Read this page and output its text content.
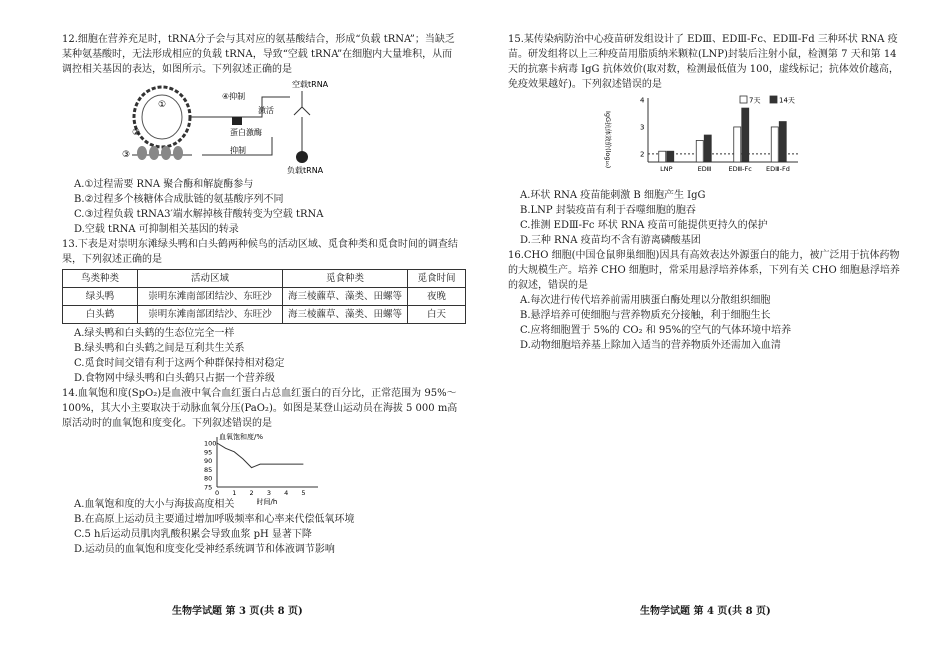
12.细胞在营养充足时，tRNA分子会与其对应的氨基酸结合，形成“负载 tRNA”；当缺乏某种氨基酸时，无法形成相应的负载 tRNA，导致“空载 tRNA”在细胞内大量堆积，从而调控相关基因的表达，如图所示。下列叙述正确的是

①
②
③
④抑制
空载tRNA
激活
蛋白激酶
抑制
负载tRNA

A.①过程需要 RNA 聚合酶和解旋酶参与

B.②过程多个核糖体合成肽链的氨基酸序列不同

C.③过程负载 tRNA3′端水解掉核苷酸转变为空载 tRNA

D.空载 tRNA 可抑制相关基因的转录

13.下表是对崇明东滩绿头鸭和白头鹤两种候鸟的活动区域、觅食种类和觅食时间的调查结果，下列叙述正确的是

鸟类种类	活动区域	觅食种类	觅食时间
绿头鸭	崇明东滩南部团结沙、东旺沙	海三棱藨草、藻类、田螺等	夜晚
白头鹤	崇明东滩南部团结沙、东旺沙	海三棱藨草、藻类、田螺等	白天

A.绿头鸭和白头鹤的生态位完全一样

B.绿头鸭和白头鹤之间是互利共生关系

C.觅食时间交错有利于这两个种群保持相对稳定

D.食物网中绿头鸭和白头鹤只占据一个营养级

14.血氧饱和度(SpO₂)是血液中氧合血红蛋白占总血红蛋白的百分比，正常范围为 95%～100%，其大小主要取决于动脉血氧分压(PaO₂)。如图是某登山运动员在海拔 5 000 m高原活动时的血氧饱和度变化。下列叙述错误的是

血氧饱和度/%
时间/h
75
80
85
90
95
100
0 1 2 3 4 5

A.血氧饱和度的大小与海拔高度相关

B.在高原上运动员主要通过增加呼吸频率和心率来代偿低氧环境

C.5 h后运动员肌肉乳酸积累会导致血浆 pH 显著下降

D.运动员的血氧饱和度变化受神经系统调节和体液调节影响

15.某传染病防治中心疫苗研发组设计了 EDⅢ、EDⅢ-Fc、EDⅢ-Fd 三种环状 RNA 疫苗。研发组将以上三种疫苗用脂质纳米颗粒(LNP)封装后注射小鼠，检测第 7 天和第 14 天的抗寨卡病毒 IgG 抗体效价(取对数，检测最低值为 100，虚线标记；抗体效价越高，免疫效果越好)。下列叙述错误的是

IgG抗体效价(log₁₀)	2
3
4
LNP	EDⅢ	EDⅢ-Fc EDⅢ-Fd
7天	14天

A.环状 RNA 疫苗能刺激 B 细胞产生 IgG

B.LNP 封装疫苗有利于吞噬细胞的胞吞

C.推测 EDⅢ-Fc 环状 RNA 疫苗可能提供更持久的保护

D.三种 RNA 疫苗均不含有游离磷酸基团

16.CHO 细胞(中国仓鼠卵巢细胞)因具有高效表达外源蛋白的能力，被广泛用于抗体药物的大规模生产。培养 CHO 细胞时，常采用悬浮培养体系，下列有关 CHO 细胞悬浮培养的叙述，错误的是

A.每次进行传代培养前需用胰蛋白酶处理以分散组织细胞

B.悬浮培养可使细胞与营养物质充分接触，利于细胞生长

C.应将细胞置于 5%的 CO₂ 和 95%的空气的气体环境中培养

D.动物细胞培养基上除加入适当的营养物质外还需加入血清

生物学试题 第 3 页(共 8 页)	生物学试题 第 4 页(共 8 页)
